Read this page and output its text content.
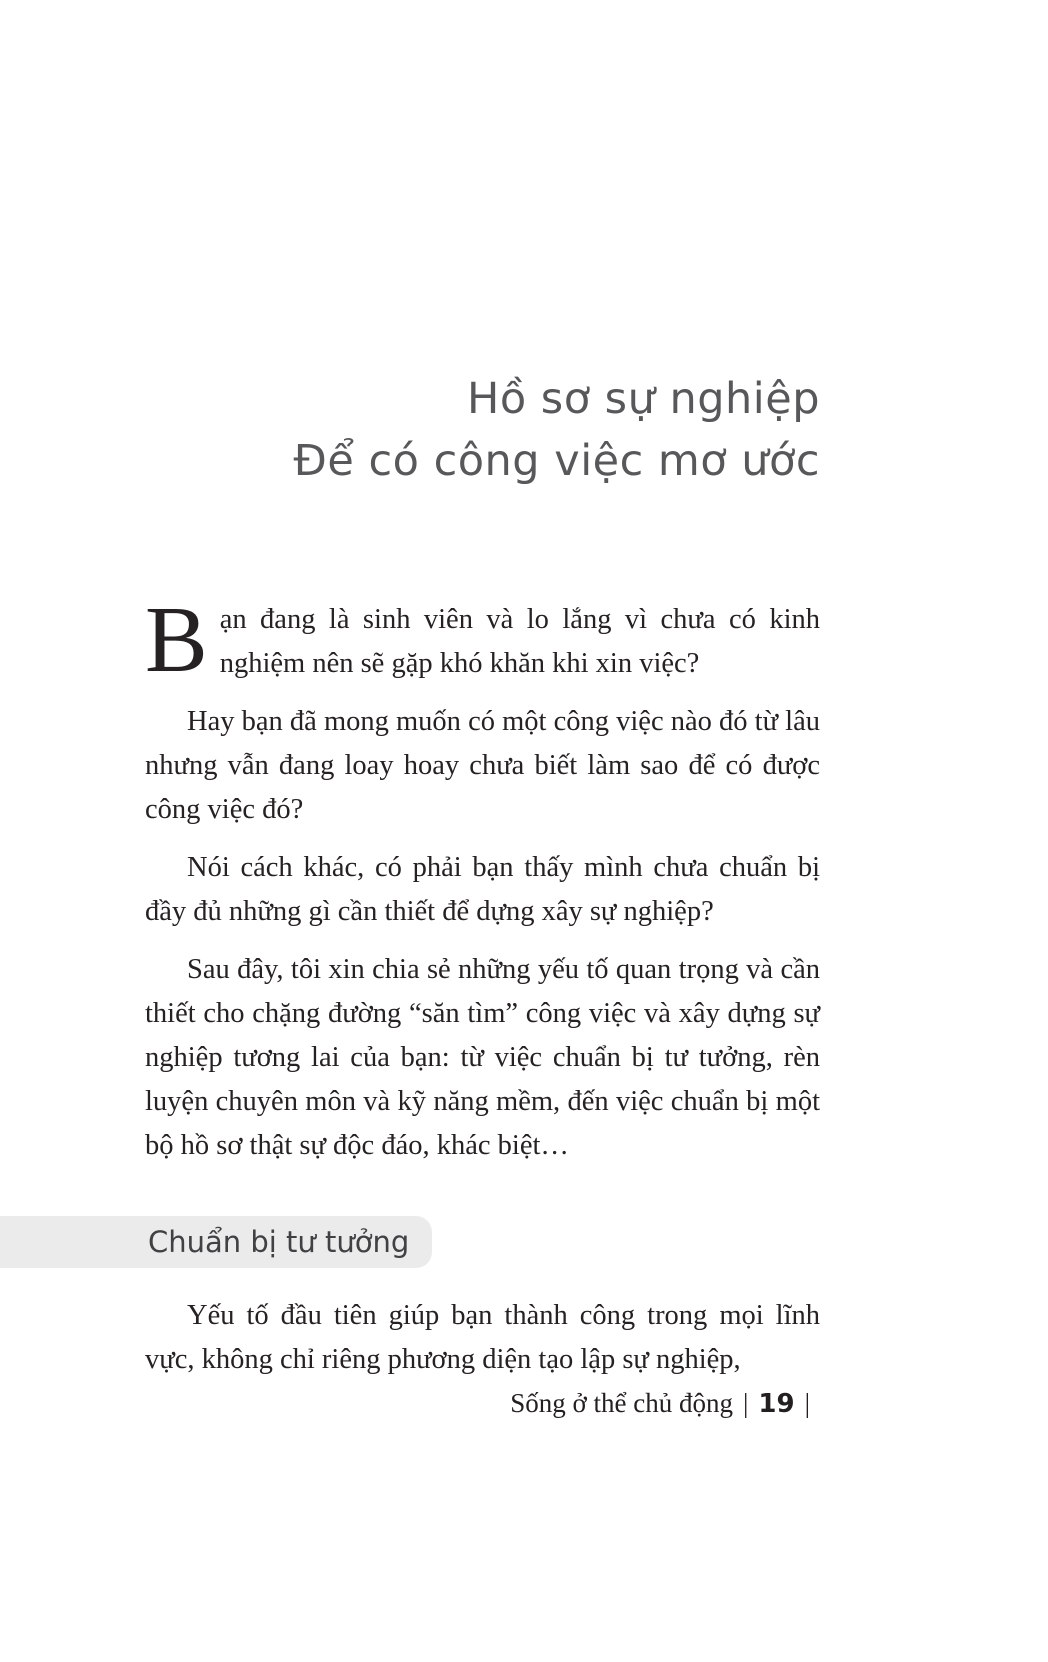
Hồ sơ sự nghiệp
Để có công việc mơ ước

Bạn đang là sinh viên và lo lắng vì chưa có kinh nghiệm nên sẽ gặp khó khăn khi xin việc?

Hay bạn đã mong muốn có một công việc nào đó từ lâu nhưng vẫn đang loay hoay chưa biết làm sao để có được công việc đó?

Nói cách khác, có phải bạn thấy mình chưa chuẩn bị đầy đủ những gì cần thiết để dựng xây sự nghiệp?

Sau đây, tôi xin chia sẻ những yếu tố quan trọng và cần thiết cho chặng đường “săn tìm” công việc và xây dựng sự nghiệp tương lai của bạn: từ việc chuẩn bị tư tưởng, rèn luyện chuyên môn và kỹ năng mềm, đến việc chuẩn bị một bộ hồ sơ thật sự độc đáo, khác biệt…

Chuẩn bị tư tưởng

Yếu tố đầu tiên giúp bạn thành công trong mọi lĩnh vực, không chỉ riêng phương diện tạo lập sự nghiệp,

Sống ở thể chủ động | 19 |
